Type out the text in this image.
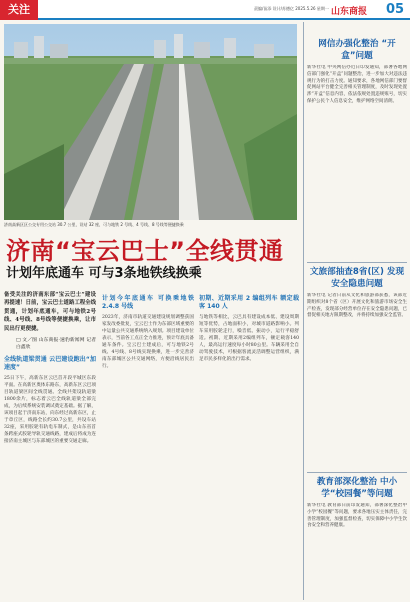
关注	责编/苗添 设计/苏德亿 2025.5.26 星期一 山东商报 05
济南高新区区公交专用公交站 30.7 公里，设站 32 座，可与地铁 2 号线、4 号线、8 号线等便捷换乘
济南“宝云巴士”全线贯通
计划年底通车 可与3条地铁线换乘
备受关注的济南东部“宝云巴士”建设再提速！日前，宝云巴士道路工程全线贯通，计划年底通车，可与地铁2号线、4号线、8号线等便捷换乘，让市民出行更便捷。
□ 文／图 山东商报·速豹新闻网 记者 白鑫欣
全线轨道梁贯通 云巴建设跑出“加速度”
25日下午，高新东区云巴首开段平城区东段平面。在高新区奥体东路东，高新东区云巴项目轨道梁区间全线贯通。全线共架设轨道梁1800余片，标志着云巴全线轨道梁全部完成，为后续系统安装调试奠定基础。据了解，该项目起于济南东站，向东经过高新东区，止于章丘区，线路全长约30.7公里，共设车站32座，采用胶轮有轨电车制式，是山东省首条跨座式胶轮导轨交通线路，建成后将成为连接济南主城区与东部城区的重要交通走廊。
计划今年底通车 可换乘地铁 2.4.8 号线
2023年，济南市轨道交通建设规划调整获国家发改委批复，宝云巴士作为东部区域重要的中运量公共交通系统纳入规划。项目建设单位表示，当前各工点正全力推进，预计年底具备通车条件。宝云巴士建成后，可与地铁2号线、4号线、8号线实现换乘，进一步完善济南东部城区公共交通网络，方便沿线居民出行。
初期、近期采用 2 编组列车 额定载客 140 人
与地铁等相比，云巴具有建设成本低、建设周期短等优势，占地面积小，对城市道路影响小。列车采用胶轮走行，噪音低、振动小，运行平稳舒适。初期、近期采用2编组列车，额定载客140人，最高运行速度每小时80公里。车辆采用全自动驾驶技术，可根据客流灵活调整运营组织，满足市民多样化的出行需求。
网信办强化整治 “开盒”问题
新华社电 中央网信办近日印发通知，部署各地网信部门强化“开盒”问题整治，进一步加大对违法违规行为的打击力度。通知要求，各地网信部门要督促网站平台健全完善相关管理制度，及时发现处置涉“开盒”信息内容，依法依规处置违规账号，切实保护公民个人信息安全，维护网络空间清朗。
文旅部抽查8省(区) 发现安全隐患问题
新华社电 记者日前从文化和旅游部获悉，该部近期组织对8个省（区）开展文化和旅游市场安全生产检查，发现部分经营单位存在安全隐患问题，已督促相关地方限期整改，并将持续加强安全监管。
教育部深化整治 中小学“校园餐”等问题
新华社电 教育部日前印发通知，部署深化整治中小学“校园餐”等问题，要求各地压实主体责任，完善管理制度，加强监督检查，切实保障中小学生饮食安全和营养健康。
